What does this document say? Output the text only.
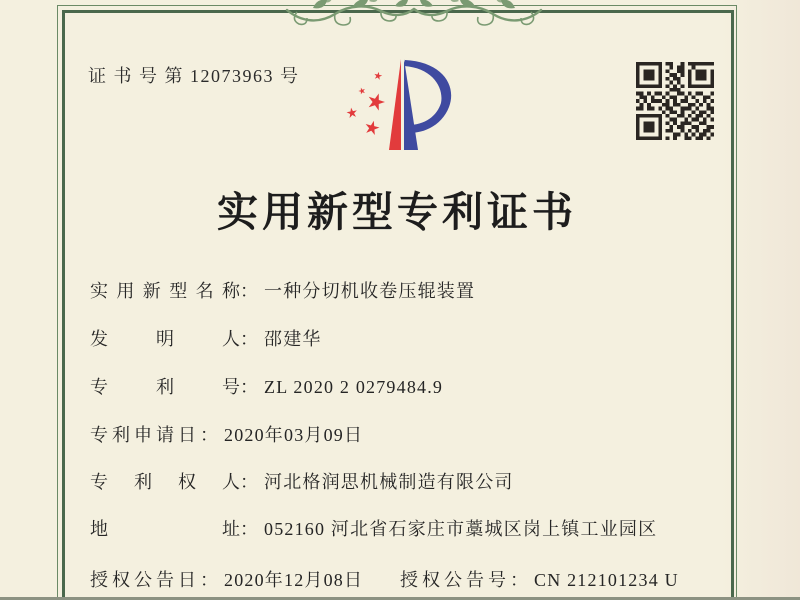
证 书 号 第 12073963 号
实用新型专利证书
实用新型名称： 一种分切机收卷压辊装置
发明人： 邵建华
专利号： ZL 2020 2 0279484.9
专利申请日： 2020年03月09日
专利权人： 河北格润思机械制造有限公司
地址： 052160 河北省石家庄市藁城区岗上镇工业园区
授权公告日： 2020年12月08日 授权公告号： CN 212101234 U
